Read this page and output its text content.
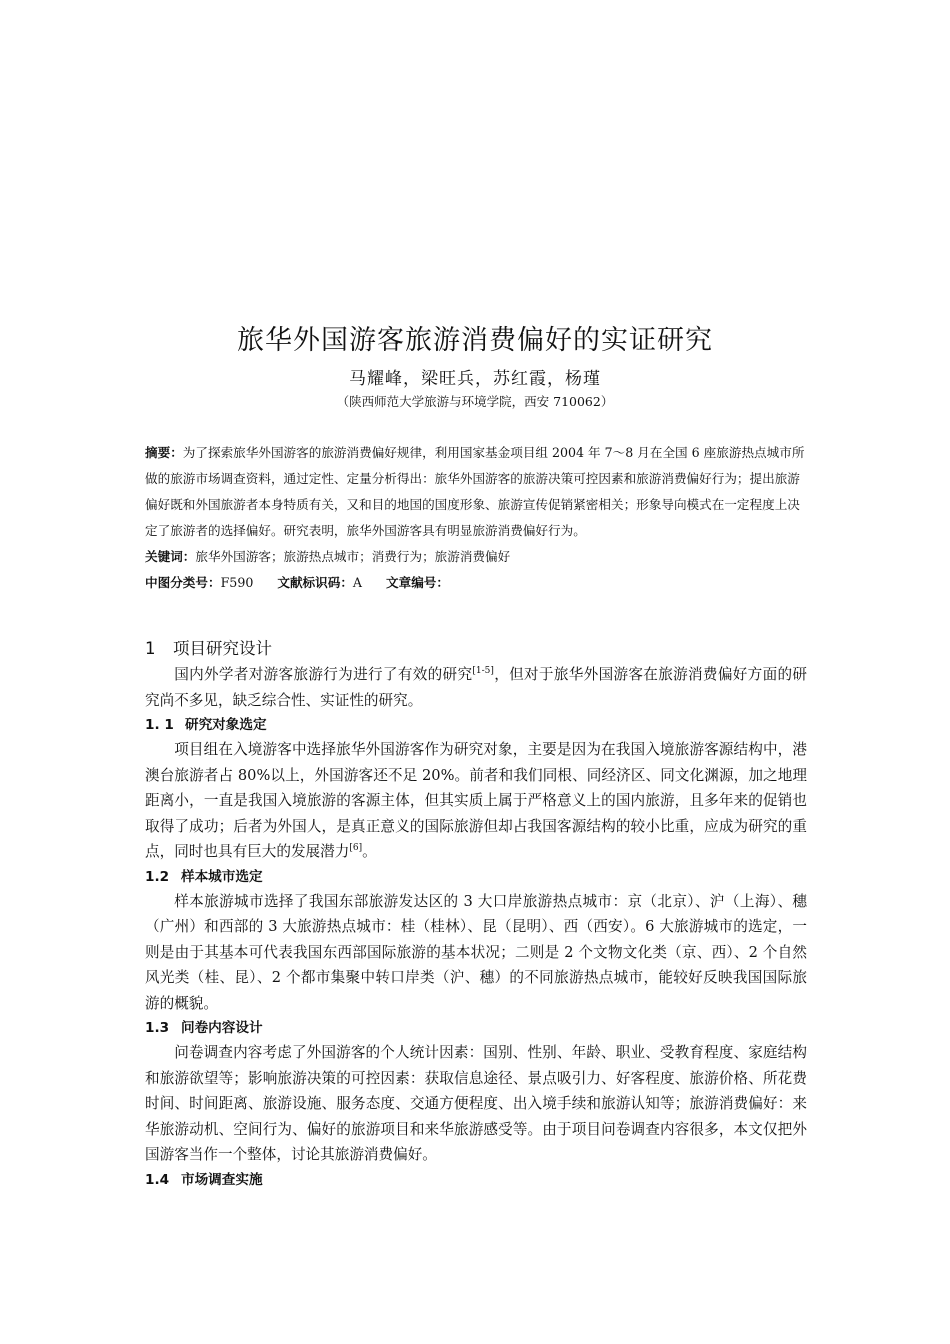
旅华外国游客旅游消费偏好的实证研究
马耀峰，梁旺兵，苏红霞，杨瑾
（陕西师范大学旅游与环境学院，西安 710062）

摘要：为了探索旅华外国游客的旅游消费偏好规律，利用国家基金项目组 2004 年 7～8 月在全国 6 座旅游热点城市所做的旅游市场调查资料，通过定性、定量分析得出：旅华外国游客的旅游决策可控因素和旅游消费偏好行为；提出旅游偏好既和外国旅游者本身特质有关，又和目的地国的国度形象、旅游宣传促销紧密相关；形象导向模式在一定程度上决定了旅游者的选择偏好。研究表明，旅华外国游客具有明显旅游消费偏好行为。

关键词：旅华外国游客；旅游热点城市；消费行为；旅游消费偏好

中图分类号：F590 文献标识码：A 文章编号：

1 项目研究设计

国内外学者对游客旅游行为进行了有效的研究[1-5]，但对于旅华外国游客在旅游消费偏好方面的研究尚不多见，缺乏综合性、实证性的研究。

1. 1 研究对象选定

项目组在入境游客中选择旅华外国游客作为研究对象，主要是因为在我国入境旅游客源结构中，港澳台旅游者占 80%以上，外国游客还不足 20%。前者和我们同根、同经济区、同文化渊源，加之地理距离小，一直是我国入境旅游的客源主体，但其实质上属于严格意义上的国内旅游，且多年来的促销也取得了成功；后者为外国人，是真正意义的国际旅游但却占我国客源结构的较小比重，应成为研究的重点，同时也具有巨大的发展潜力[6]。

1.2 样本城市选定

样本旅游城市选择了我国东部旅游发达区的 3 大口岸旅游热点城市：京（北京）、沪（上海）、穗（广州）和西部的 3 大旅游热点城市：桂（桂林）、昆（昆明）、西（西安）。6 大旅游城市的选定，一则是由于其基本可代表我国东西部国际旅游的基本状况；二则是 2 个文物文化类（京、西）、2 个自然风光类（桂、昆）、2 个都市集聚中转口岸类（沪、穗）的不同旅游热点城市，能较好反映我国国际旅游的概貌。

1.3 问卷内容设计

问卷调查内容考虑了外国游客的个人统计因素：国别、性别、年龄、职业、受教育程度、家庭结构和旅游欲望等；影响旅游决策的可控因素：获取信息途径、景点吸引力、好客程度、旅游价格、所花费时间、时间距离、旅游设施、服务态度、交通方便程度、出入境手续和旅游认知等；旅游消费偏好：来华旅游动机、空间行为、偏好的旅游项目和来华旅游感受等。由于项目问卷调查内容很多，本文仅把外国游客当作一个整体，讨论其旅游消费偏好。

1.4 市场调查实施
